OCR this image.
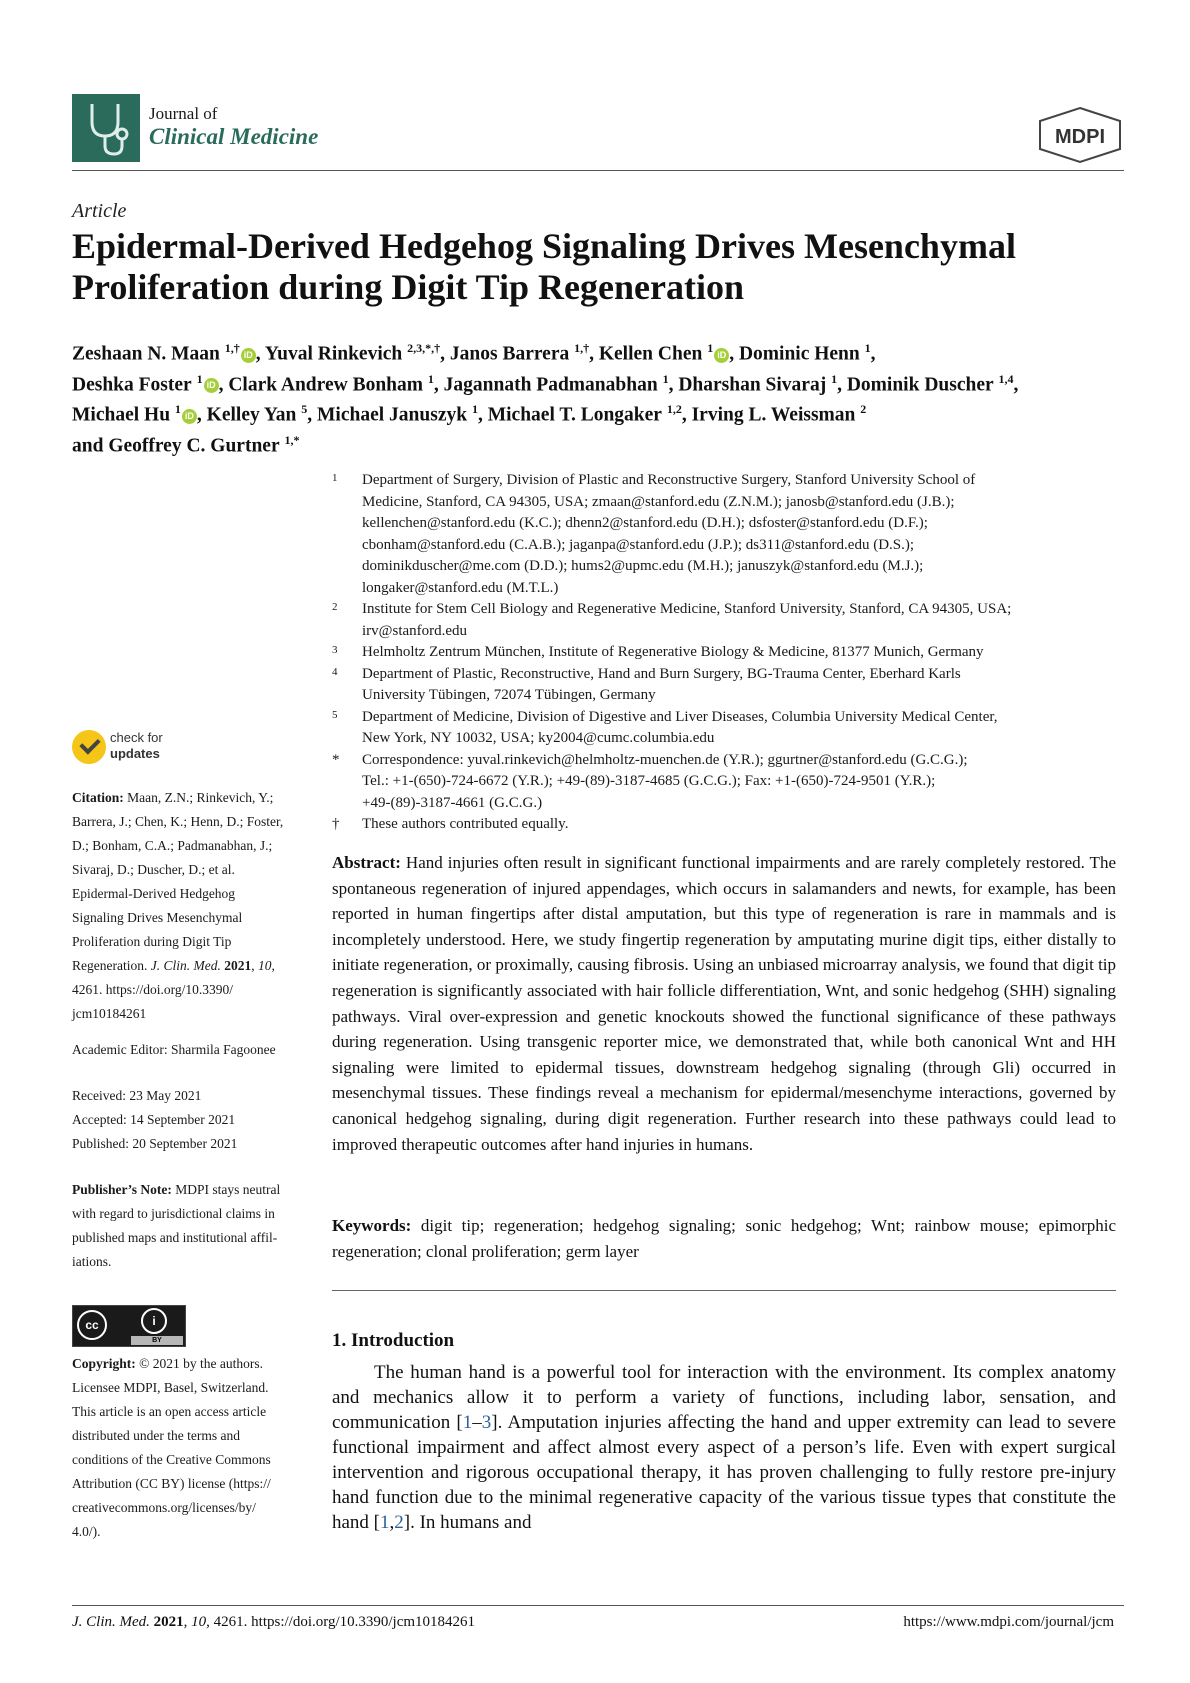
Journal of
Clinical Medicine	MDPI
Article
Epidermal-Derived Hedgehog Signaling Drives Mesenchymal
Proliferation during Digit Tip Regeneration
Zeshaan N. Maan $^{1,\dagger}$ iD , Yuval Rinkevich $^{2,3,*,\dagger}$, Janos Barrera $^{1,\dagger}$, Kellen Chen $^1$ iD , Dominic Henn $^1$,
Deshka Foster $^1$ iD , Clark Andrew Bonham $^1$, Jagannath Padmanabhan $^1$, Dharshan Sivaraj $^1$, Dominik Duscher $^{1,4}$,
Michael Hu $^1$ iD , Kelley Yan $^5$, Michael Januszyk $^1$, Michael T. Longaker $^{1,2}$, Irving L. Weissman $^2$
and Geoffrey C. Gurtner $^{1,*}$
1 Department of Surgery, Division of Plastic and Reconstructive Surgery, Stanford University School of
Medicine, Stanford, CA 94305, USA; zmaan@stanford.edu (Z.N.M.); janosb@stanford.edu (J.B.);
kellenchen@stanford.edu (K.C.); dhenn2@stanford.edu (D.H.); dsfoster@stanford.edu (D.F.);
cbonham@stanford.edu (C.A.B.); jaganpa@stanford.edu (J.P.); ds311@stanford.edu (D.S.);
dominikduscher@me.com (D.D.); hums2@upmc.edu (M.H.); januszyk@stanford.edu (M.J.);
longaker@stanford.edu (M.T.L.)
2 Institute for Stem Cell Biology and Regenerative Medicine, Stanford University, Stanford, CA 94305, USA;
irv@stanford.edu
3 Helmholtz Zentrum München, Institute of Regenerative Biology & Medicine, 81377 Munich, Germany
4 Department of Plastic, Reconstructive, Hand and Burn Surgery, BG-Trauma Center, Eberhard Karls
University Tübingen, 72074 Tübingen, Germany
5 Department of Medicine, Division of Digestive and Liver Diseases, Columbia University Medical Center,
New York, NY 10032, USA; ky2004@cumc.columbia.edu
* Correspondence: yuval.rinkevich@helmholtz-muenchen.de (Y.R.); ggurtner@stanford.edu (G.C.G.);
Tel.: +1-(650)-724-6672 (Y.R.); +49-(89)-3187-4685 (G.C.G.); Fax: +1-(650)-724-9501 (Y.R.);
+49-(89)-3187-4661 (G.C.G.)
† These authors contributed equally.
check for
updates
Citation: Maan, Z.N.; Rinkevich, Y.;
Barrera, J.; Chen, K.; Henn, D.; Foster,
D.; Bonham, C.A.; Padmanabhan, J.;
Sivaraj, D.; Duscher, D.; et al.
Epidermal-Derived Hedgehog
Signaling Drives Mesenchymal
Proliferation during Digit Tip
Regeneration. J. Clin. Med. 2021, 10,
4261. https://doi.org/10.3390/
jcm10184261
Academic Editor: Sharmila Fagoonee
Received: 23 May 2021
Accepted: 14 September 2021
Published: 20 September 2021
Publisher’s Note: MDPI stays neutral
with regard to jurisdictional claims in
published maps and institutional affil-
iations.
cc	i
BY
Copyright: © 2021 by the authors.
Licensee MDPI, Basel, Switzerland.
This article is an open access article
distributed under the terms and
conditions of the Creative Commons
Attribution (CC BY) license (https://
creativecommons.org/licenses/by/
4.0/).
Abstract: Hand injuries often result in significant functional impairments and are rarely completely restored. The spontaneous regeneration of injured appendages, which occurs in salamanders and newts, for example, has been reported in human fingertips after distal amputation, but this type of regeneration is rare in mammals and is incompletely understood. Here, we study fingertip regeneration by amputating murine digit tips, either distally to initiate regeneration, or proximally, causing fibrosis. Using an unbiased microarray analysis, we found that digit tip regeneration is significantly associated with hair follicle differentiation, Wnt, and sonic hedgehog (SHH) signaling pathways. Viral over-expression and genetic knockouts showed the functional significance of these pathways during regeneration. Using transgenic reporter mice, we demonstrated that, while both canonical Wnt and HH signaling were limited to epidermal tissues, downstream hedgehog signaling (through Gli) occurred in mesenchymal tissues. These findings reveal a mechanism for epidermal/mesenchyme interactions, governed by canonical hedgehog signaling, during digit regeneration. Further research into these pathways could lead to improved therapeutic outcomes after hand injuries in humans.
Keywords: digit tip; regeneration; hedgehog signaling; sonic hedgehog; Wnt; rainbow mouse; epimorphic regeneration; clonal proliferation; germ layer
1. Introduction
The human hand is a powerful tool for interaction with the environment. Its complex anatomy and mechanics allow it to perform a variety of functions, including labor, sensation, and communication [1–3]. Amputation injuries affecting the hand and upper extremity can lead to severe functional impairment and affect almost every aspect of a person’s life. Even with expert surgical intervention and rigorous occupational therapy, it has proven challenging to fully restore pre-injury hand function due to the minimal regenerative capacity of the various tissue types that constitute the hand [1,2]. In humans and
J. Clin. Med. 2021, 10, 4261. https://doi.org/10.3390/jcm10184261	https://www.mdpi.com/journal/jcm
